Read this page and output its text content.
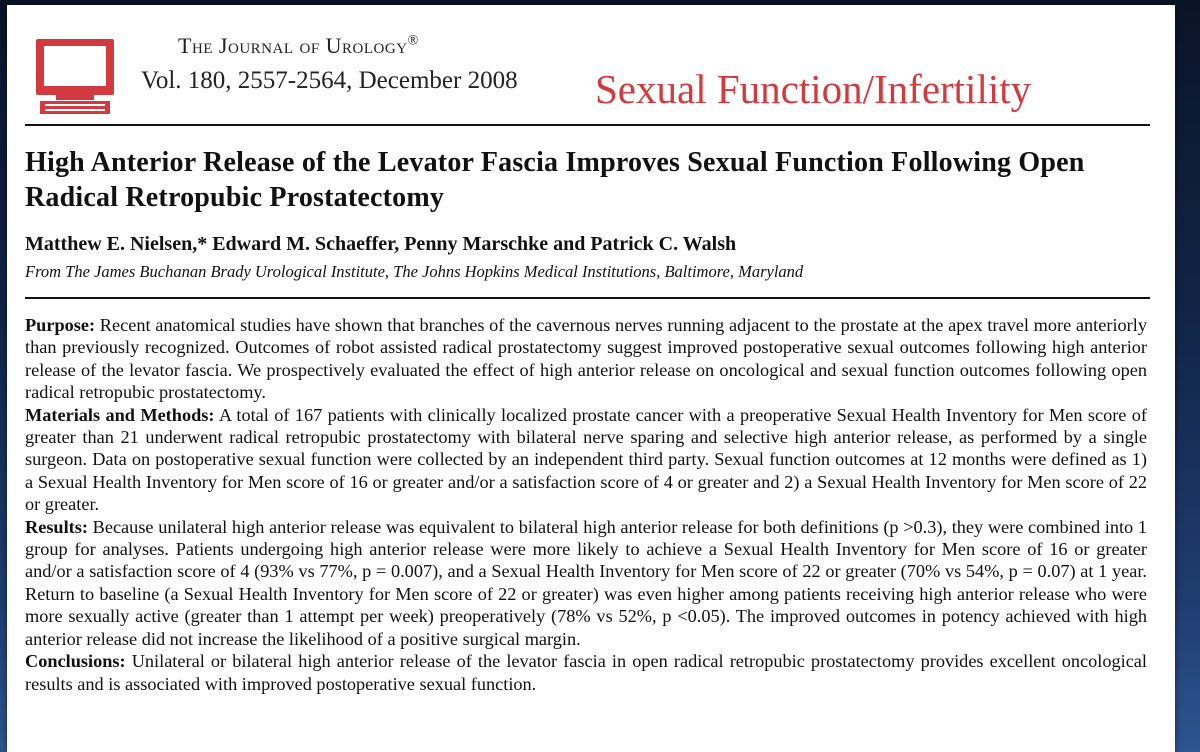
The Journal of Urology®
Vol. 180, 2557-2564, December 2008 Sexual Function/Infertility
High Anterior Release of the Levator Fascia Improves Sexual Function Following Open Radical Retropubic Prostatectomy
Matthew E. Nielsen,* Edward M. Schaeffer, Penny Marschke and Patrick C. Walsh
From The James Buchanan Brady Urological Institute, The Johns Hopkins Medical Institutions, Baltimore, Maryland

Purpose: Recent anatomical studies have shown that branches of the cavernous nerves running adjacent to the prostate at the apex travel more anteriorly than previously recognized. Outcomes of robot assisted radical prostatectomy suggest improved postoperative sexual outcomes following high anterior release of the levator fascia. We prospectively evaluated the effect of high anterior release on oncological and sexual function outcomes following open radical retropubic prostatectomy.

Materials and Methods: A total of 167 patients with clinically localized prostate cancer with a preoperative Sexual Health Inventory for Men score of greater than 21 underwent radical retropubic prostatectomy with bilateral nerve sparing and selective high anterior release, as performed by a single surgeon. Data on postoperative sexual function were collected by an independent third party. Sexual function outcomes at 12 months were defined as 1) a Sexual Health Inventory for Men score of 16 or greater and/or a satisfaction score of 4 or greater and 2) a Sexual Health Inventory for Men score of 22 or greater.

Results: Because unilateral high anterior release was equivalent to bilateral high anterior release for both definitions (p >0.3), they were combined into 1 group for analyses. Patients undergoing high anterior release were more likely to achieve a Sexual Health Inventory for Men score of 16 or greater and/or a satisfaction score of 4 (93% vs 77%, p = 0.007), and a Sexual Health Inventory for Men score of 22 or greater (70% vs 54%, p = 0.07) at 1 year. Return to baseline (a Sexual Health Inventory for Men score of 22 or greater) was even higher among patients receiving high anterior release who were more sexually active (greater than 1 attempt per week) preoperatively (78% vs 52%, p <0.05). The improved outcomes in potency achieved with high anterior release did not increase the likelihood of a positive surgical margin.

Conclusions: Unilateral or bilateral high anterior release of the levator fascia in open radical retropubic prostatectomy provides excellent oncological results and is associated with improved postoperative sexual function.
